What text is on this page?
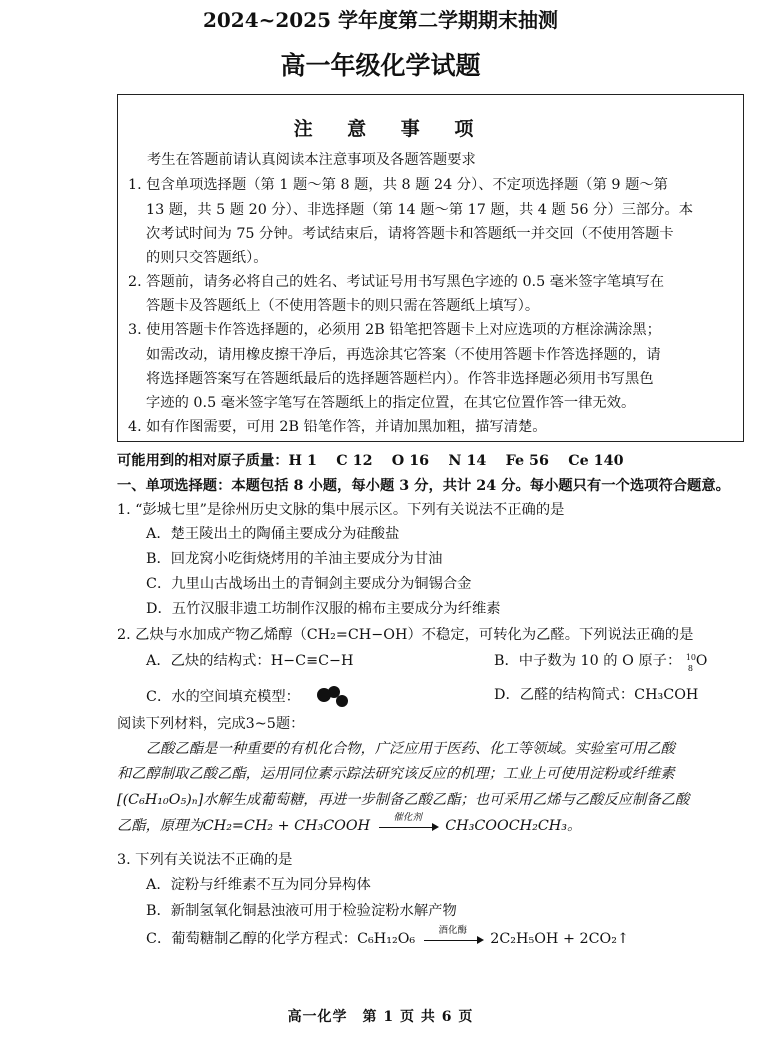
2024~2025 学年度第二学期期末抽测
高一年级化学试题
注 意 事 项
考生在答题前请认真阅读本注意事项及各题答题要求
1. 包含单项选择题（第 1 题～第 8 题，共 8 题 24 分）、不定项选择题（第 9 题～第
13 题，共 5 题 20 分）、非选择题（第 14 题～第 17 题，共 4 题 56 分）三部分。本
次考试时间为 75 分钟。考试结束后，请将答题卡和答题纸一并交回（不使用答题卡
的则只交答题纸）。
2. 答题前，请务必将自己的姓名、考试证号用书写黑色字迹的 0.5 毫米签字笔填写在
答题卡及答题纸上（不使用答题卡的则只需在答题纸上填写）。
3. 使用答题卡作答选择题的，必须用 2B 铅笔把答题卡上对应选项的方框涂满涂黑；
如需改动，请用橡皮擦干净后，再选涂其它答案（不使用答题卡作答选择题的，请
将选择题答案写在答题纸最后的选择题答题栏内）。作答非选择题必须用书写黑色
字迹的 0.5 毫米签字笔写在答题纸上的指定位置，在其它位置作答一律无效。
4. 如有作图需要，可用 2B 铅笔作答，并请加黑加粗，描写清楚。
可能用到的相对原子质量：H 1　 C 12　 O 16　 N 14　 Fe 56　 Ce 140
一、单项选择题：本题包括 8 小题，每小题 3 分，共计 24 分。每小题只有一个选项符合题意。
1. “彭城七里”是徐州历史文脉的集中展示区。下列有关说法不正确的是
A．楚王陵出土的陶俑主要成分为硅酸盐
B．回龙窝小吃街烧烤用的羊油主要成分为甘油
C．九里山古战场出土的青铜剑主要成分为铜锡合金
D．五竹汉服非遗工坊制作汉服的棉布主要成分为纤维素
2. 乙炔与水加成产物乙烯醇（CH₂=CH−OH）不稳定，可转化为乙醛。下列说法正确的是
A．乙炔的结构式：H−C≡C−H	B．中子数为 10 的 O 原子： 10
8 O
C．水的空间填充模型：	D．乙醛的结构简式：CH₃COH
阅读下列材料，完成3~5题：
乙酸乙酯是一种重要的有机化合物，广泛应用于医药、化工等领域。实验室可用乙酸
和乙醇制取乙酸乙酯，运用同位素示踪法研究该反应的机理；工业上可使用淀粉或纤维素
[(C₆H₁₀O₅)ₙ]水解生成葡萄糖，再进一步制备乙酸乙酯；也可采用乙烯与乙酸反应制备乙酸
乙酯，原理为CH₂=CH₂ + CH₃COOH
催化剂
CH₃COOCH₂CH₃。
3. 下列有关说法不正确的是
A．淀粉与纤维素不互为同分异构体
B．新制氢氧化铜悬浊液可用于检验淀粉水解产物
C．葡萄糖制乙醇的化学方程式：C₆H₁₂O₆
酒化酶
2C₂H₅OH + 2CO₂↑
高一化学　第 1 页 共 6 页
